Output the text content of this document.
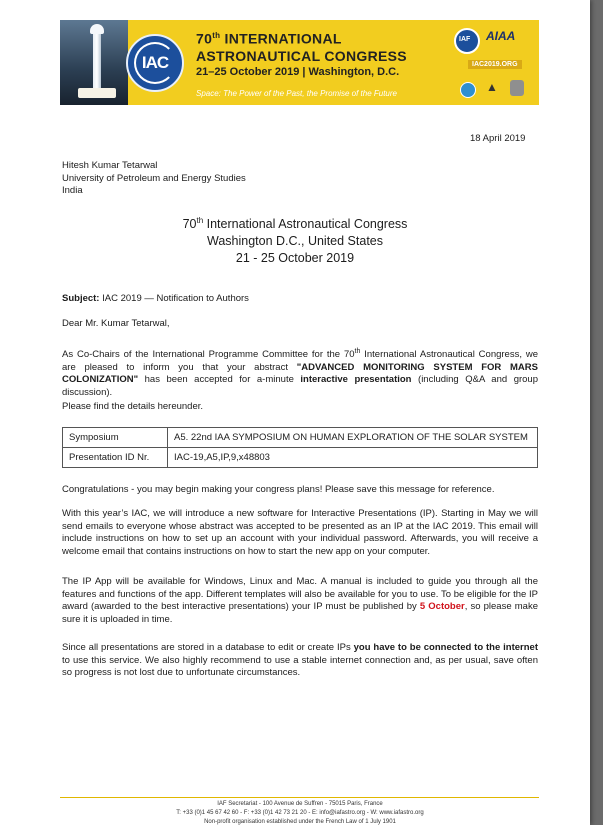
IAC
70th INTERNATIONAL
ASTRONAUTICAL CONGRESS
21–25 October 2019 | Washington, D.C.
Space: The Power of the Past, the Promise of the Future
IAF AIAA
IAC2019.ORG
▲
18 April 2019
Hitesh Kumar Tetarwal
University of Petroleum and Energy Studies
India
70th International Astronautical Congress
Washington D.C., United States
21 - 25 October 2019
Subject: IAC 2019 — Notification to Authors
Dear Mr. Kumar Tetarwal,
As Co-Chairs of the International Programme Committee for the 70th International Astronautical Congress, we are pleased to inform you that your abstract "ADVANCED MONITORING SYSTEM FOR MARS COLONIZATION" has been accepted for a-minute interactive presentation (including Q&A and group discussion).
Please find the details hereunder.
Symposium	A5. 22nd IAA SYMPOSIUM ON HUMAN EXPLORATION OF THE SOLAR SYSTEM
Presentation ID Nr.	IAC-19,A5,IP,9,x48803
Congratulations - you may begin making your congress plans! Please save this message for reference.
With this year’s IAC, we will introduce a new software for Interactive Presentations (IP). Starting in May we will send emails to everyone whose abstract was accepted to be presented as an IP at the IAC 2019. This email will include instructions on how to set up an account with your individual password. Afterwards, you will receive a welcome email that contains instructions on how to start the new app on your computer.
The IP App will be available for Windows, Linux and Mac. A manual is included to guide you through all the features and functions of the app. Different templates will also be available for you to use. To be eligible for the IP award (awarded to the best interactive presentations) your IP must be published by 5 October, so please make sure it is uploaded in time.
Since all presentations are stored in a database to edit or create IPs you have to be connected to the internet to use this service. We also highly recommend to use a stable internet connection and, as per usual, save often so progress is not lost due to unfortunate circumstances.
IAF Secretariat - 100 Avenue de Suffren - 75015 Paris, France
T: +33 (0)1 45 67 42 60 - F: +33 (0)1 42 73 21 20 - E: info@iafastro.org - W: www.iafastro.org
Non-profit organisation established under the French Law of 1 July 1901
